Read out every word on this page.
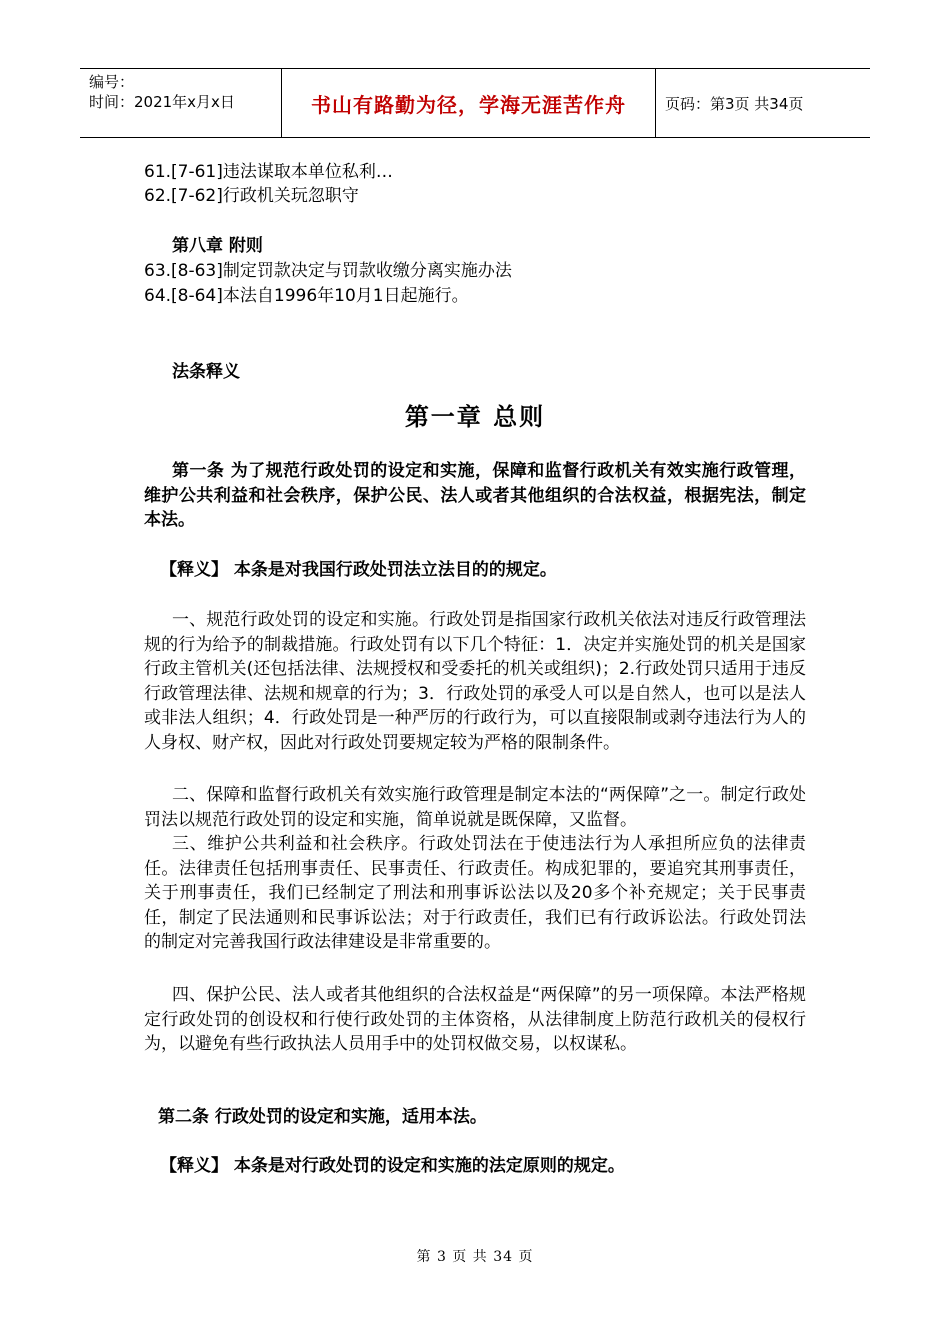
编号：
时间：2021年x月x日	书山有路勤为径，学海无涯苦作舟	页码：第3页 共34页
61.[7-61]违法谋取本单位私利…
62.[7-62]行政机关玩忽职守
第八章 附则
63.[8-63]制定罚款决定与罚款收缴分离实施办法
64.[8-64]本法自1996年10月1日起施行。
法条释义
第一章 总则

第一条 为了规范行政处罚的设定和实施，保障和监督行政机关有效实施行政管理，维护公共利益和社会秩序，保护公民、法人或者其他组织的合法权益，根据宪法，制定本法。

【释义】 本条是对我国行政处罚法立法目的的规定。

一、规范行政处罚的设定和实施。行政处罚是指国家行政机关依法对违反行政管理法规的行为给予的制裁措施。行政处罚有以下几个特征：1．决定并实施处罚的机关是国家行政主管机关(还包括法律、法规授权和受委托的机关或组织)；2.行政处罚只适用于违反行政管理法律、法规和规章的行为；3．行政处罚的承受人可以是自然人，也可以是法人或非法人组织；4．行政处罚是一种严厉的行政行为，可以直接限制或剥夺违法行为人的人身权、财产权，因此对行政处罚要规定较为严格的限制条件。

二、保障和监督行政机关有效实施行政管理是制定本法的“两保障”之一。制定行政处罚法以规范行政处罚的设定和实施，简单说就是既保障，又监督。

三、维护公共利益和社会秩序。行政处罚法在于使违法行为人承担所应负的法律责任。法律责任包括刑事责任、民事责任、行政责任。构成犯罪的，要追究其刑事责任，关于刑事责任，我们已经制定了刑法和刑事诉讼法以及20多个补充规定；关于民事责任，制定了民法通则和民事诉讼法；对于行政责任，我们已有行政诉讼法。行政处罚法的制定对完善我国行政法律建设是非常重要的。

四、保护公民、法人或者其他组织的合法权益是“两保障”的另一项保障。本法严格规定行政处罚的创设权和行使行政处罚的主体资格，从法律制度上防范行政机关的侵权行为，以避免有些行政执法人员用手中的处罚权做交易，以权谋私。

第二条 行政处罚的设定和实施，适用本法。

【释义】 本条是对行政处罚的设定和实施的法定原则的规定。

第 3 页 共 34 页
